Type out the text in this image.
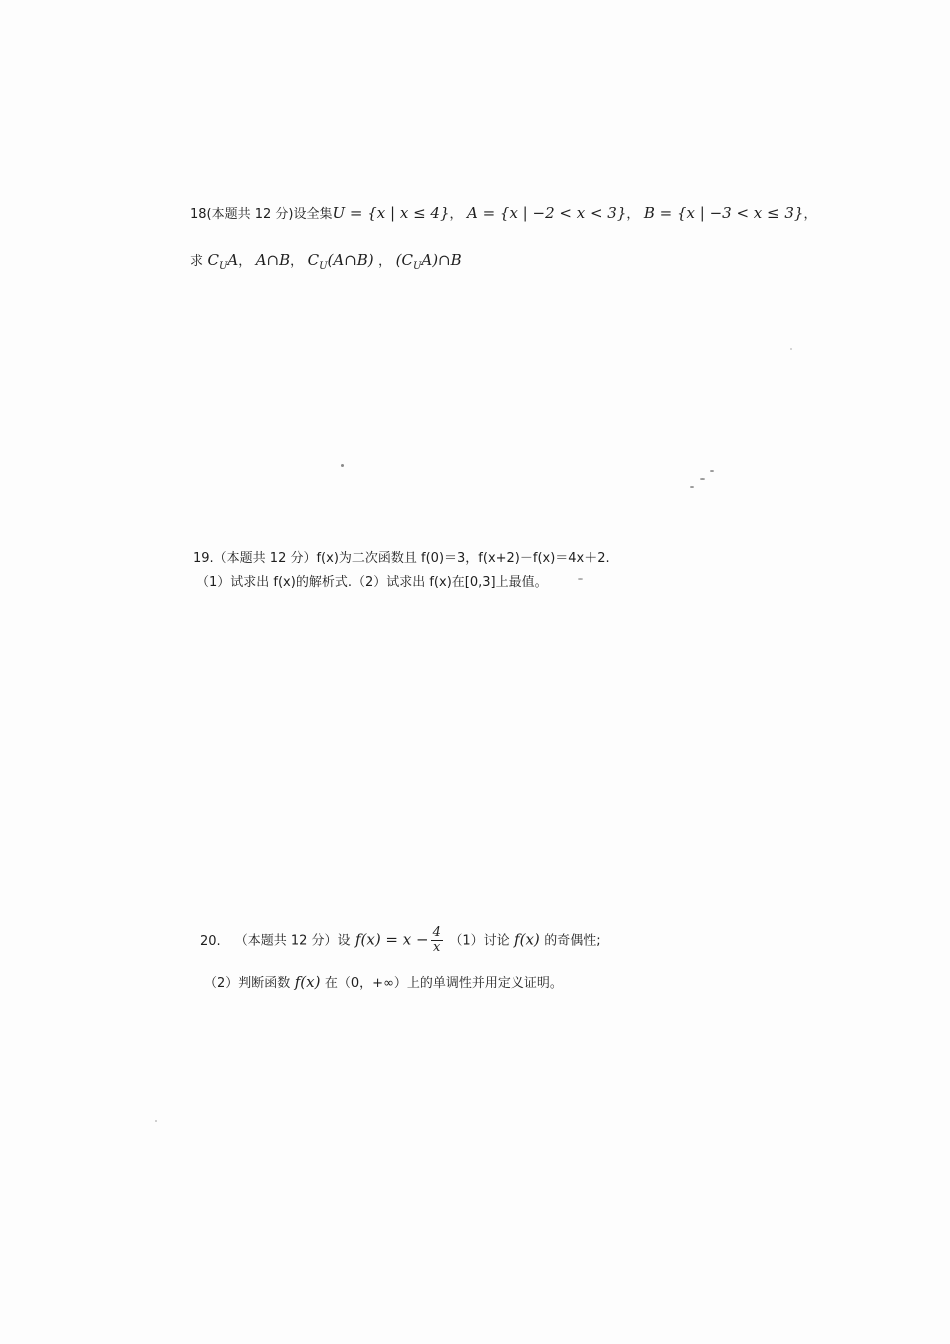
18(本题共 12 分)设全集U = {x | x ≤ 4}， A = {x | −2 < x < 3}， B = {x | −3 < x ≤ 3}，
求 $C_UA$， A∩B， $C_U(A\cap B)$ ， $(C_UA)\cap B$
19.（本题共 12 分）f(x)为二次函数且 f(0)＝3，f(x+2)－f(x)＝4x＋2.
（1）试求出 f(x)的解析式.（2）试求出 f(x)在[0,3]上最值。
20. （本题共 12 分）设 $f(x) = x - \frac{4}{x} (1)$讨论 f(x) 的奇偶性;
（2）判断函数 f(x) 在（0，+∞）上的单调性并用定义证明。
